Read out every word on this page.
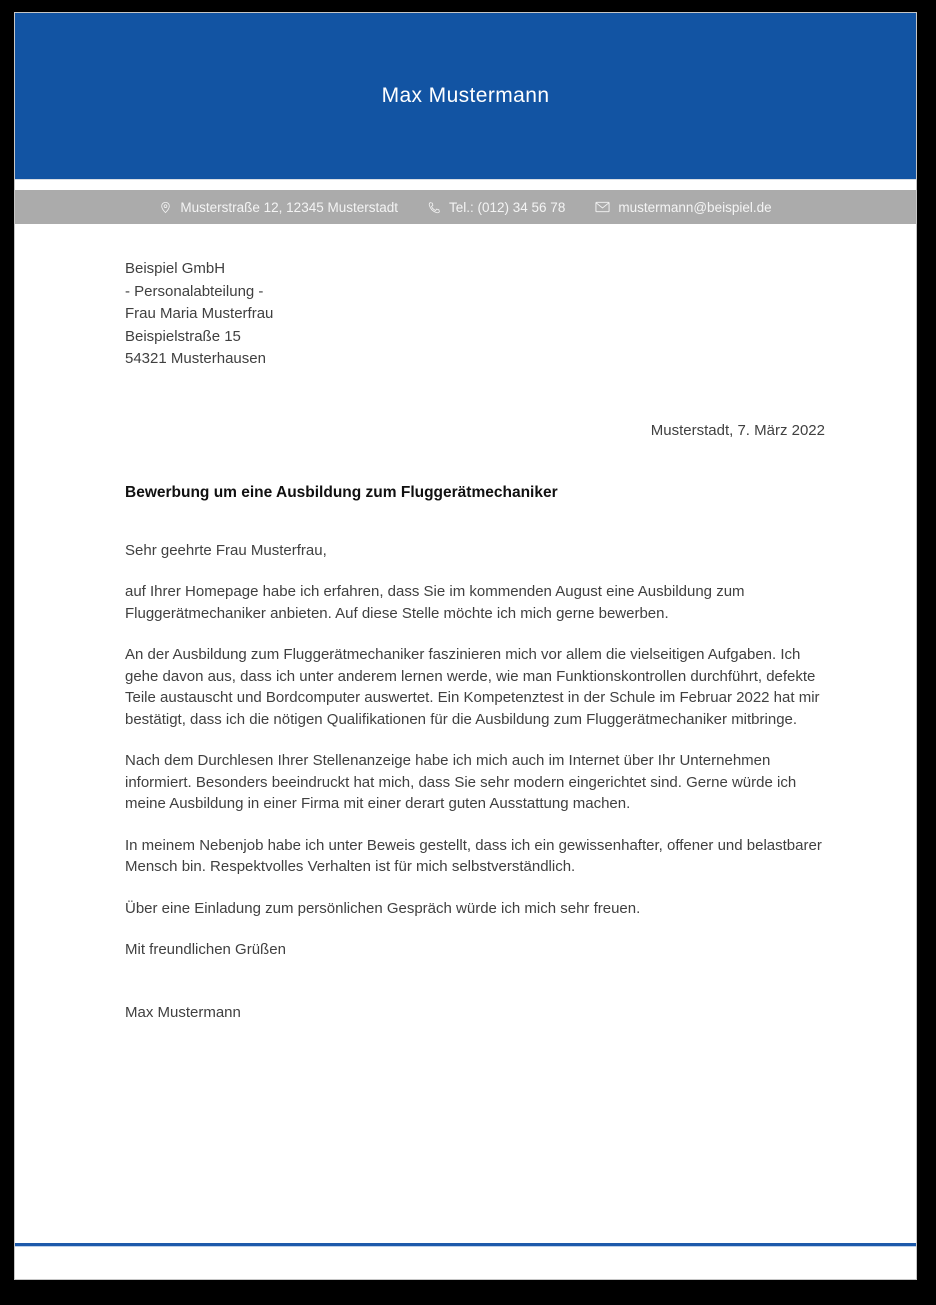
Max Mustermann
Musterstraße 12, 12345 Musterstadt	Tel.: (012) 34 56 78	mustermann@beispiel.de
Beispiel GmbH
- Personalabteilung -
Frau Maria Musterfrau
Beispielstraße 15
54321 Musterhausen
Musterstadt, 7. März 2022
Bewerbung um eine Ausbildung zum Fluggerätmechaniker
Sehr geehrte Frau Musterfrau,

auf Ihrer Homepage habe ich erfahren, dass Sie im kommenden August eine Ausbildung zum Fluggerätmechaniker anbieten. Auf diese Stelle möchte ich mich gerne bewerben.

An der Ausbildung zum Fluggerätmechaniker faszinieren mich vor allem die vielseitigen Aufgaben. Ich gehe davon aus, dass ich unter anderem lernen werde, wie man Funktionskontrollen durchführt, defekte Teile austauscht und Bordcomputer auswertet. Ein Kompetenztest in der Schule im Februar 2022 hat mir bestätigt, dass ich die nötigen Qualifikationen für die Ausbildung zum Fluggerätmechaniker mitbringe.

Nach dem Durchlesen Ihrer Stellenanzeige habe ich mich auch im Internet über Ihr Unternehmen informiert. Besonders beeindruckt hat mich, dass Sie sehr modern eingerichtet sind. Gerne würde ich meine Ausbildung in einer Firma mit einer derart guten Ausstattung machen.

In meinem Nebenjob habe ich unter Beweis gestellt, dass ich ein gewissenhafter, offener und belastbarer Mensch bin. Respektvolles Verhalten ist für mich selbstverständlich.

Über eine Einladung zum persönlichen Gespräch würde ich mich sehr freuen.

Mit freundlichen Grüßen
Max Mustermann
